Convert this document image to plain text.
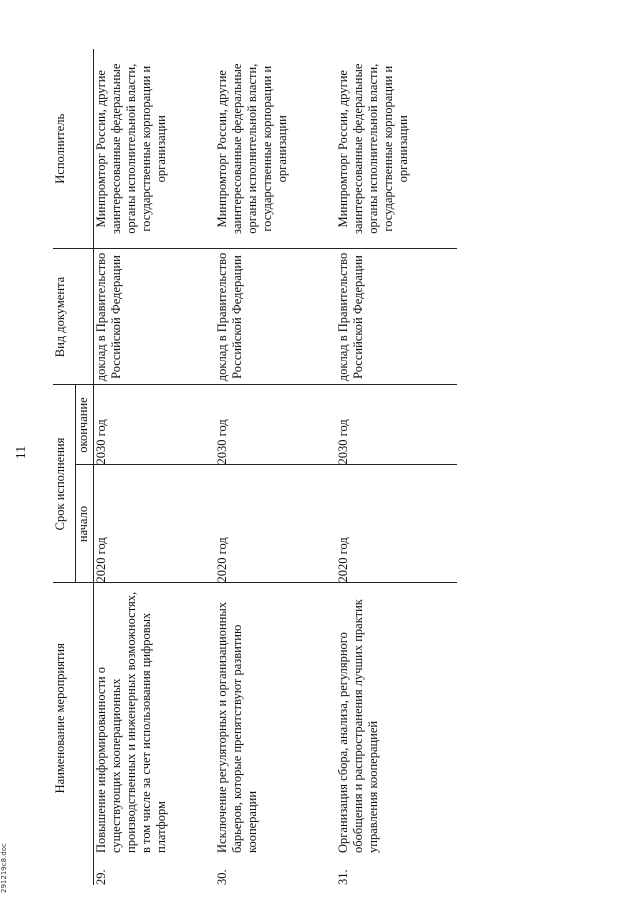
11
	Наименование мероприятия	Срок исполнения		Вид документа	Исполнитель
		начало	окончание		
29.	Повышение информированности о существующих кооперационных производственных и инженерных возможностях, в том числе за счет использования цифровых платформ	2020 год	2030 год	доклад в Правительство Российской Федерации	Минпромторг России, другие заинтересованные федеральные органы исполнительной власти, государственные корпорации и организации
30.	Исключение регуляторных и организационных барьеров, которые препятствуют развитию кооперации	2020 год	2030 год	доклад в Правительство Российской Федерации	Минпромторг России, другие заинтересованные федеральные органы исполнительной власти, государственные корпорации и организации
31.	Организация сбора, анализа, регулярного обобщения и распространения лучших практик управления кооперацией	2020 год	2030 год	доклад в Правительство Российской Федерации	Минпромторг России, другие заинтересованные федеральные органы исполнительной власти, государственные корпорации и организации
291219с8.doc
